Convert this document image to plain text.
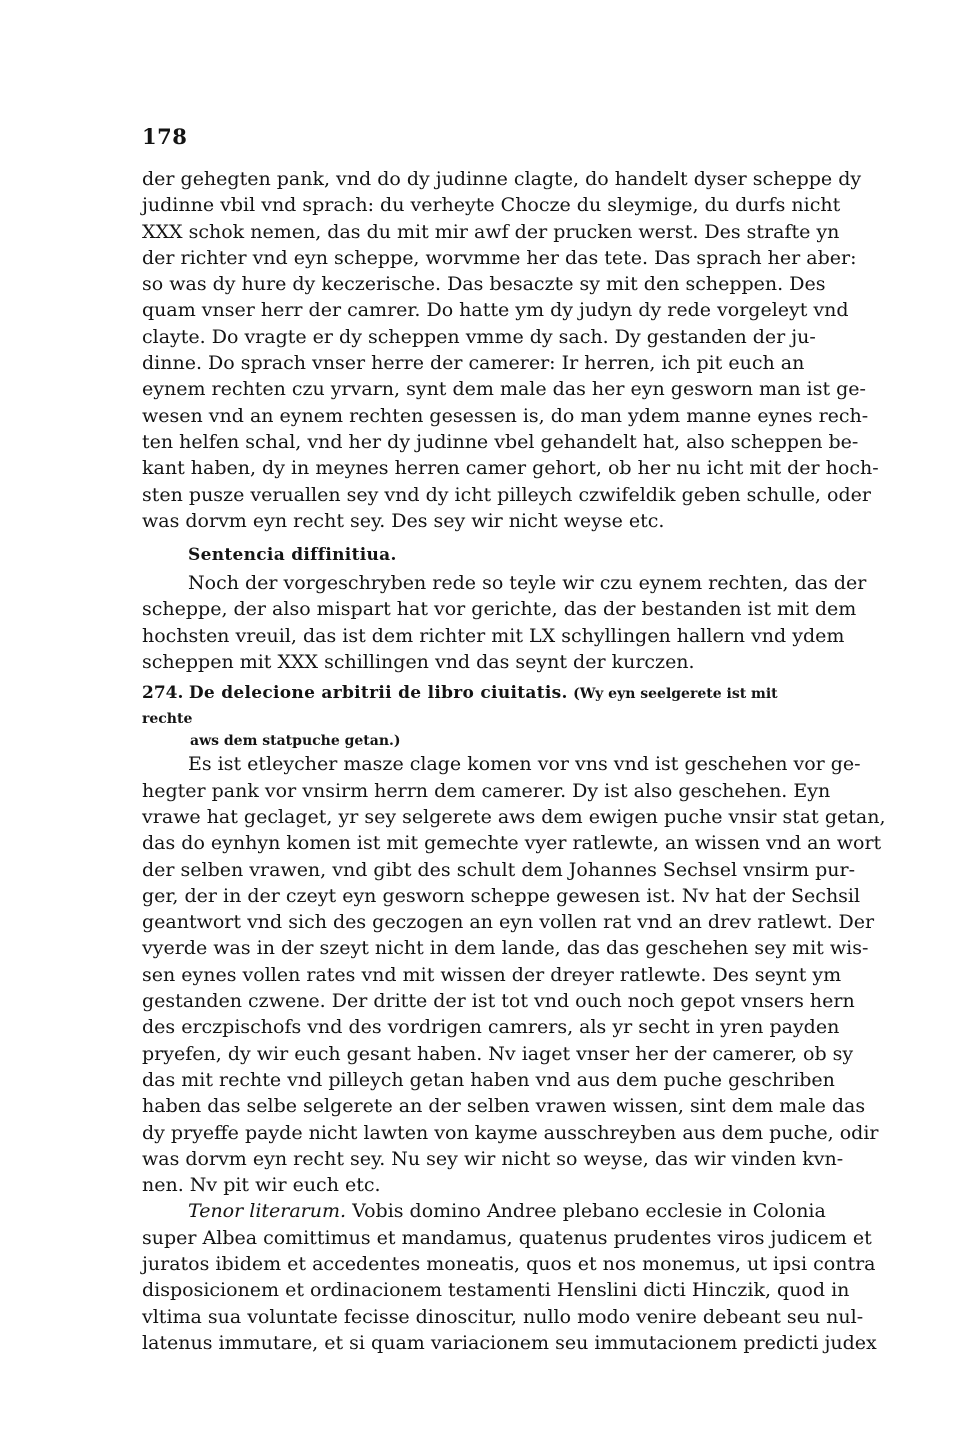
178

der gehegten pank, vnd do dy judinne clagte, do handelt dyser scheppe dy
judinne vbil vnd sprach: du verheyte Chocze du sleymige, du durfs nicht
XXX schok nemen, das du mit mir awf der prucken werst. Des strafte yn
der richter vnd eyn scheppe, worvmme her das tete. Das sprach her aber:
so was dy hure dy keczerische. Das besaczte sy mit den scheppen. Des
quam vnser herr der camrer. Do hatte ym dy judyn dy rede vorgeleyt vnd
clayte. Do vragte er dy scheppen vmme dy sach. Dy gestanden der ju-
dinne. Do sprach vnser herre der camerer: Ir herren, ich pit euch an
eynem rechten czu yrvarn, synt dem male das her eyn gesworn man ist ge-
wesen vnd an eynem rechten gesessen is, do man ydem manne eynes rech-
ten helfen schal, vnd her dy judinne vbel gehandelt hat, also scheppen be-
kant haben, dy in meynes herren camer gehort, ob her nu icht mit der hoch-
sten pusze veruallen sey vnd dy icht pilleych czwifeldik geben schulle, oder
was dorvm eyn recht sey. Des sey wir nicht weyse etc.

Sentencia diffinitiua.

Noch der vorgeschryben rede so teyle wir czu eynem rechten, das der
scheppe, der also mispart hat vor gerichte, das der bestanden ist mit dem
hochsten vreuil, das ist dem richter mit LX schyllingen hallern vnd ydem
scheppen mit XXX schillingen vnd das seynt der kurczen.

274. De delecione arbitrii de libro ciuitatis. (Wy eyn seelgerete ist mit rechte
aws dem statpuche getan.)

Es ist etleycher masze clage komen vor vns vnd ist geschehen vor ge-
hegter pank vor vnsirm herrn dem camerer. Dy ist also geschehen. Eyn
vrawe hat geclaget, yr sey selgerete aws dem ewigen puche vnsir stat getan,
das do eynhyn komen ist mit gemechte vyer ratlewte, an wissen vnd an wort
der selben vrawen, vnd gibt des schult dem Johannes Sechsel vnsirm pur-
ger, der in der czeyt eyn gesworn scheppe gewesen ist. Nv hat der Sechsil
geantwort vnd sich des geczogen an eyn vollen rat vnd an drev ratlewt. Der
vyerde was in der szeyt nicht in dem lande, das das geschehen sey mit wis-
sen eynes vollen rates vnd mit wissen der dreyer ratlewte. Des seynt ym
gestanden czwene. Der dritte der ist tot vnd ouch noch gepot vnsers hern
des erczpischofs vnd des vordrigen camrers, als yr secht in yren payden
pryefen, dy wir euch gesant haben. Nv iaget vnser her der camerer, ob sy
das mit rechte vnd pilleych getan haben vnd aus dem puche geschriben
haben das selbe selgerete an der selben vrawen wissen, sint dem male das
dy pryeffe payde nicht lawten von kayme ausschreyben aus dem puche, odir
was dorvm eyn recht sey. Nu sey wir nicht so weyse, das wir vinden kvn-
nen. Nv pit wir euch etc.

Tenor literarum. Vobis domino Andree plebano ecclesie in Colonia
super Albea comittimus et mandamus, quatenus prudentes viros judicem et
juratos ibidem et accedentes moneatis, quos et nos monemus, ut ipsi contra
disposicionem et ordinacionem testamenti Henslini dicti Hinczik, quod in
vltima sua voluntate fecisse dinoscitur, nullo modo venire debeant seu nul-
latenus immutare, et si quam variacionem seu immutacionem predicti judex
